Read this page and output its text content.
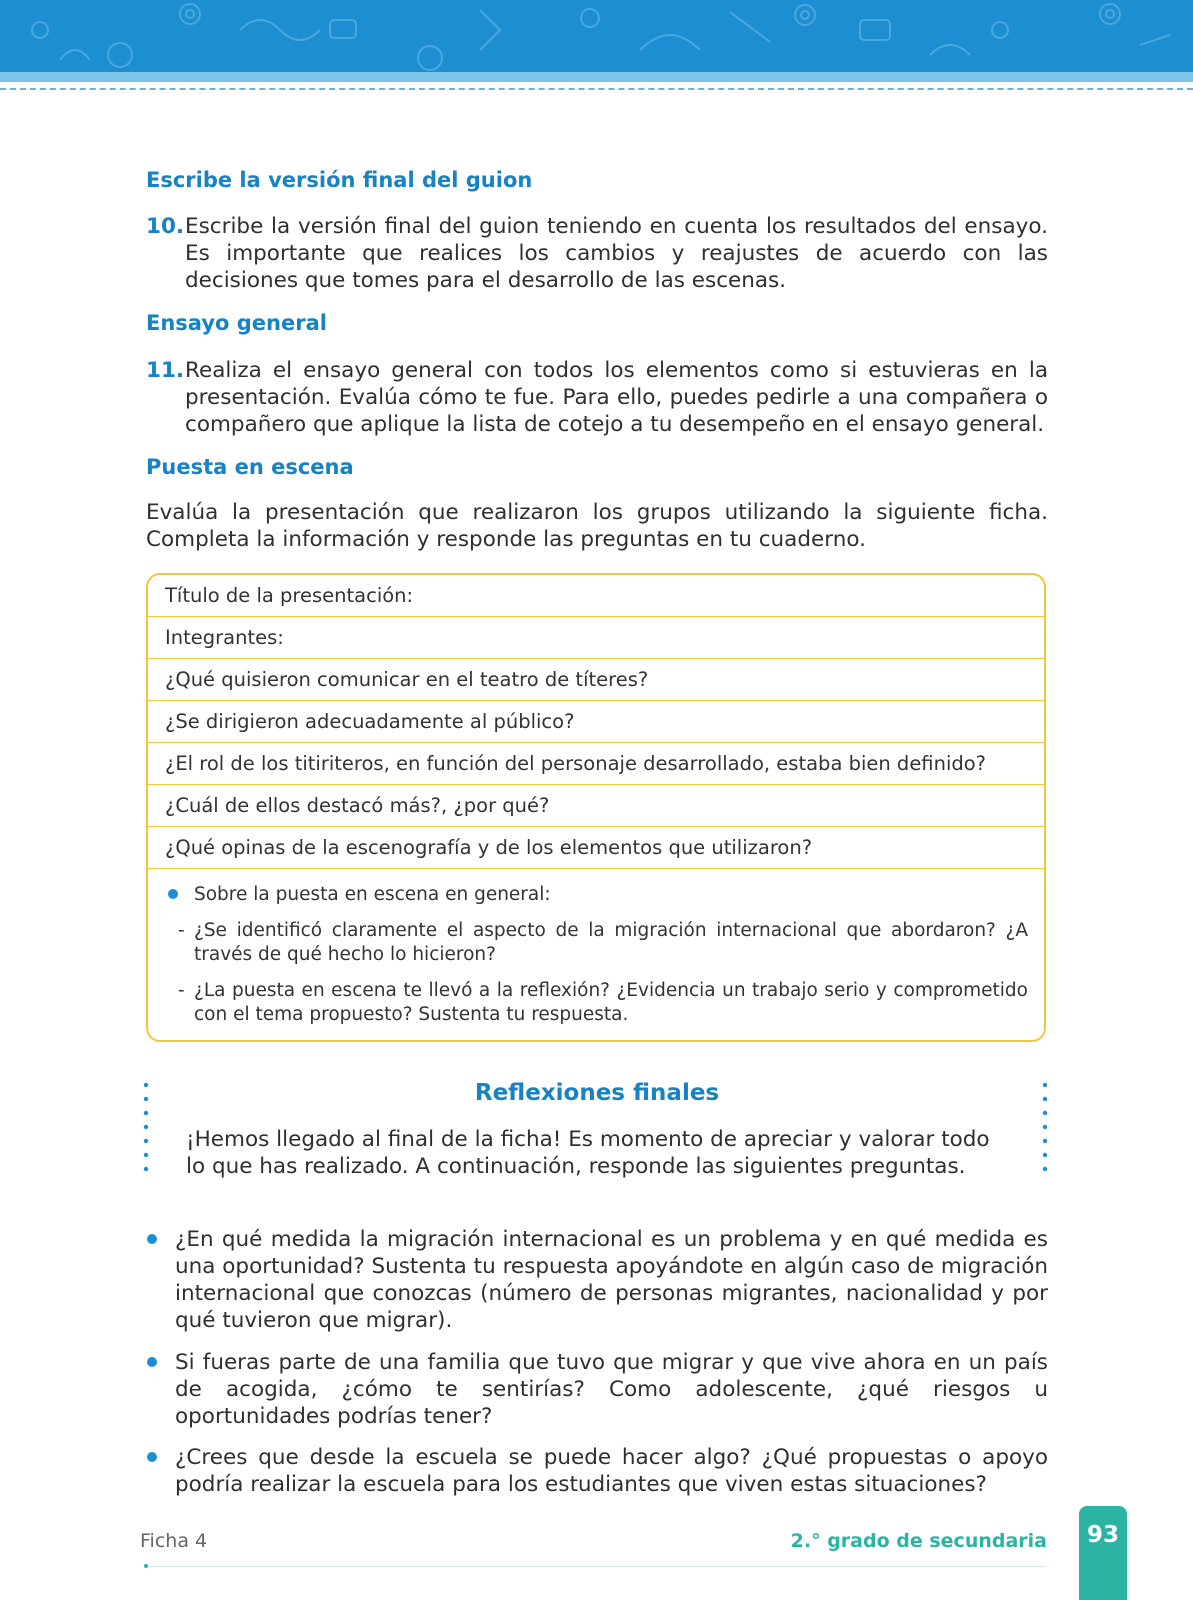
Escribe la versión final del guion
10. Escribe la versión final del guion teniendo en cuenta los resultados del ensayo. Es importante que realices los cambios y reajustes de acuerdo con las decisiones que tomes para el desarrollo de las escenas.
Ensayo general
11. Realiza el ensayo general con todos los elementos como si estuvieras en la presentación. Evalúa cómo te fue. Para ello, puedes pedirle a una compañera o compañero que aplique la lista de cotejo a tu desempeño en el ensayo general.
Puesta en escena

Evalúa la presentación que realizaron los grupos utilizando la siguiente ficha. Completa la información y responde las preguntas en tu cuaderno.

Título de la presentación:
Integrantes:
¿Qué quisieron comunicar en el teatro de títeres?
¿Se dirigieron adecuadamente al público?
¿El rol de los titiriteros, en función del personaje desarrollado, estaba bien definido?
¿Cuál de ellos destacó más?, ¿por qué?
¿Qué opinas de la escenografía y de los elementos que utilizaron?
Sobre la puesta en escena en general:
- ¿Se identificó claramente el aspecto de la migración internacional que abordaron? ¿A través de qué hecho lo hicieron?
- ¿La puesta en escena te llevó a la reflexión? ¿Evidencia un trabajo serio y comprometido con el tema propuesto? Sustenta tu respuesta.
Reflexiones finales
¡Hemos llegado al final de la ficha! Es momento de apreciar y valorar todo lo que has realizado. A continuación, responde las siguientes preguntas.
¿En qué medida la migración internacional es un problema y en qué medida es una oportunidad? Sustenta tu respuesta apoyándote en algún caso de migración internacional que conozcas (número de personas migrantes, nacionalidad y por qué tuvieron que migrar).
Si fueras parte de una familia que tuvo que migrar y que vive ahora en un país de acogida, ¿cómo te sentirías? Como adolescente, ¿qué riesgos u oportunidades podrías tener?
¿Crees que desde la escuela se puede hacer algo? ¿Qué propuestas o apoyo podría realizar la escuela para los estudiantes que viven estas situaciones?
Ficha 4	2.° grado de secundaria	93
